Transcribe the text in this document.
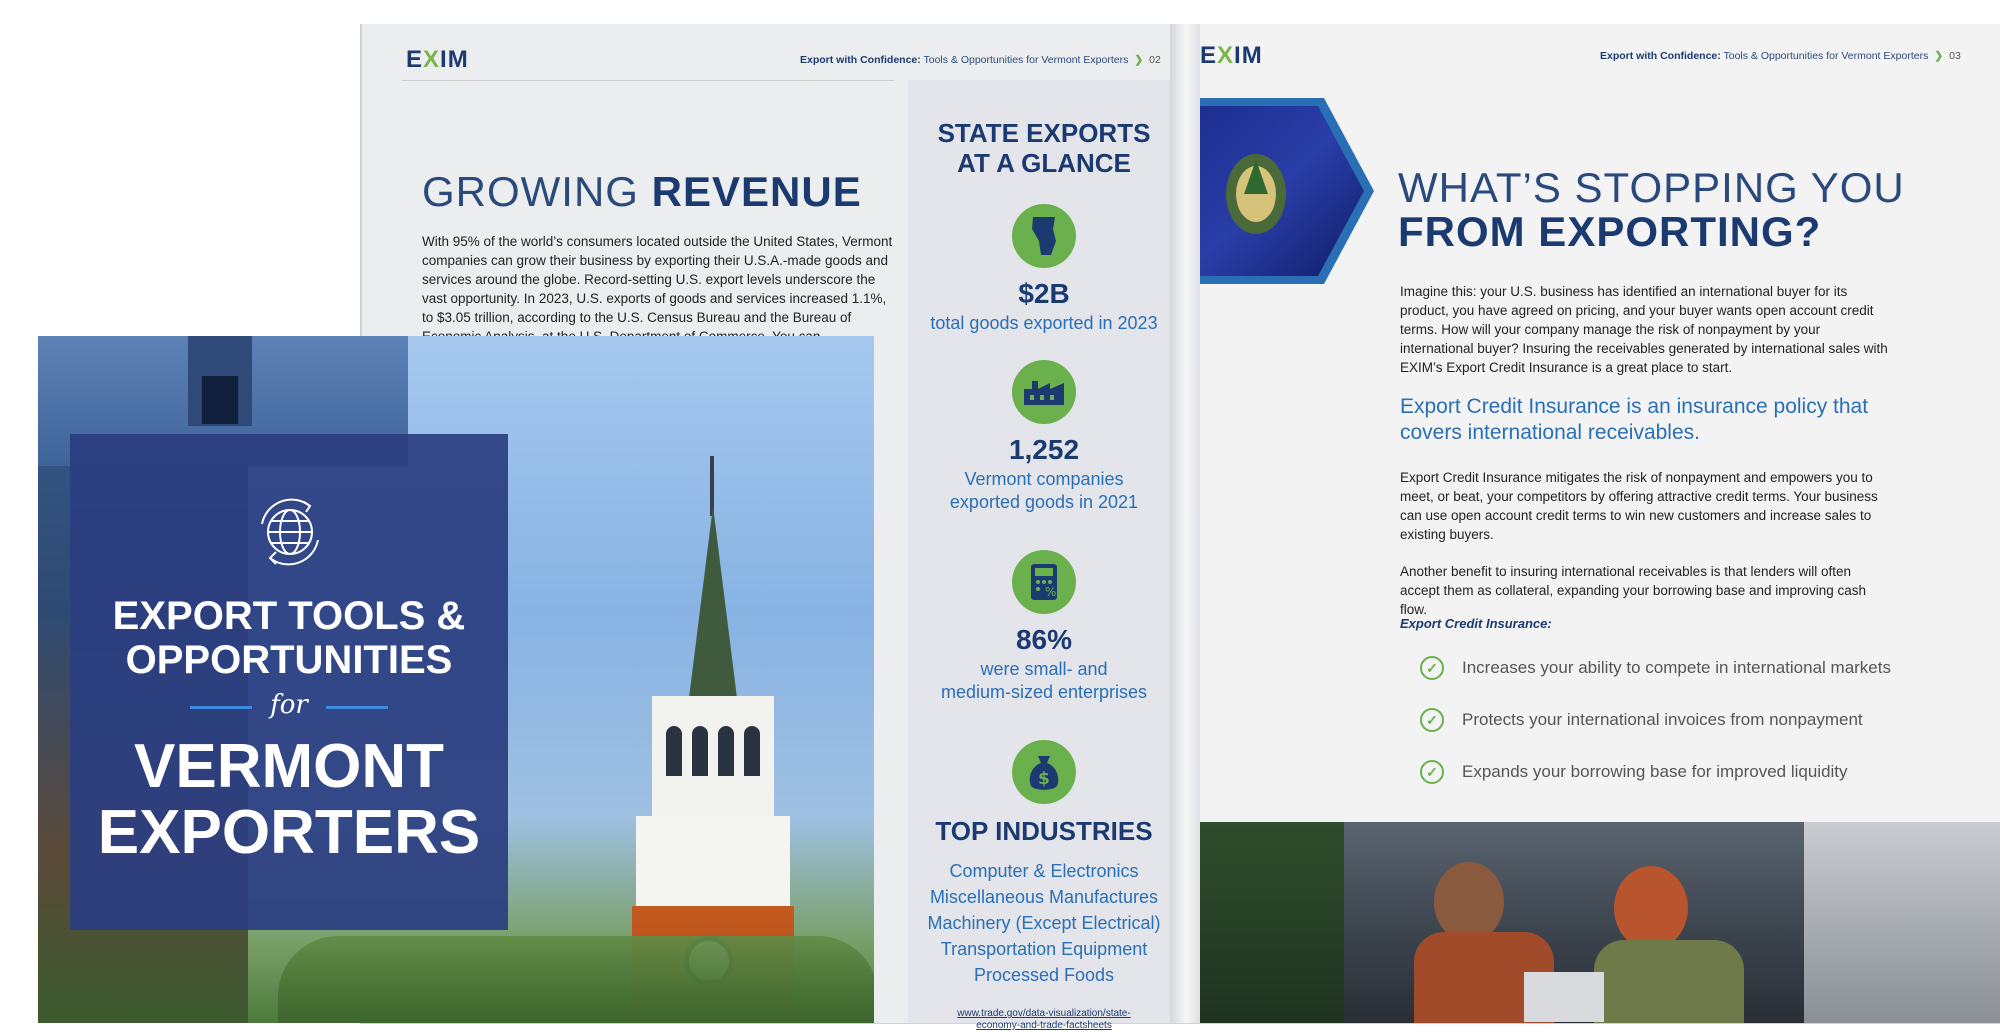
EXIM	Export with Confidence: Tools & Opportunities for Vermont Exporters ❯ 02
GROWING REVENUE
With 95% of the world’s consumers located outside the United States, Vermont companies can grow their business by exporting their U.S.A.-made goods and services around the globe. Record-setting U.S. export levels underscore the vast opportunity. In 2023, U.S. exports of goods and services increased 1.1%, to $3.05 trillion, according to the U.S. Census Bureau and the Bureau of
STATE EXPORTS
AT A GLANCE
$2B
total goods exported in 2023
1,252
Vermont companies
exported goods in 2021
%
86%
were small- and
medium-sized enterprises
$
TOP INDUSTRIES
Computer & Electronics
Miscellaneous Manufactures
Machinery (Except Electrical)
Transportation Equipment
Processed Foods
www.trade.gov/data-visualization/state-
economy-and-trade-factsheets
EXIM	Export with Confidence: Tools & Opportunities for Vermont Exporters ❯ 03
WHAT’S STOPPING YOU
FROM EXPORTING?
Imagine this: your U.S. business has identified an international buyer for its product, you have agreed on pricing, and your buyer wants open account credit terms. How will your company manage the risk of nonpayment by your international buyer? Insuring the receivables generated by international sales with EXIM’s Export Credit Insurance is a great place to start.
Export Credit Insurance is an insurance policy that covers international receivables.
Export Credit Insurance mitigates the risk of nonpayment and empowers you to meet, or beat, your competitors by offering attractive credit terms. Your business can use open account credit terms to win new customers and increase sales to existing buyers.
Another benefit to insuring international receivables is that lenders will often accept them as collateral, expanding your borrowing base and improving cash flow.
Export Credit Insurance:
✓	Increases your ability to compete in international markets
✓	Protects your international invoices from nonpayment
✓	Expands your borrowing base for improved liquidity
EXPORT TOOLS &
OPPORTUNITIES
for
VERMONT
EXPORTERS
